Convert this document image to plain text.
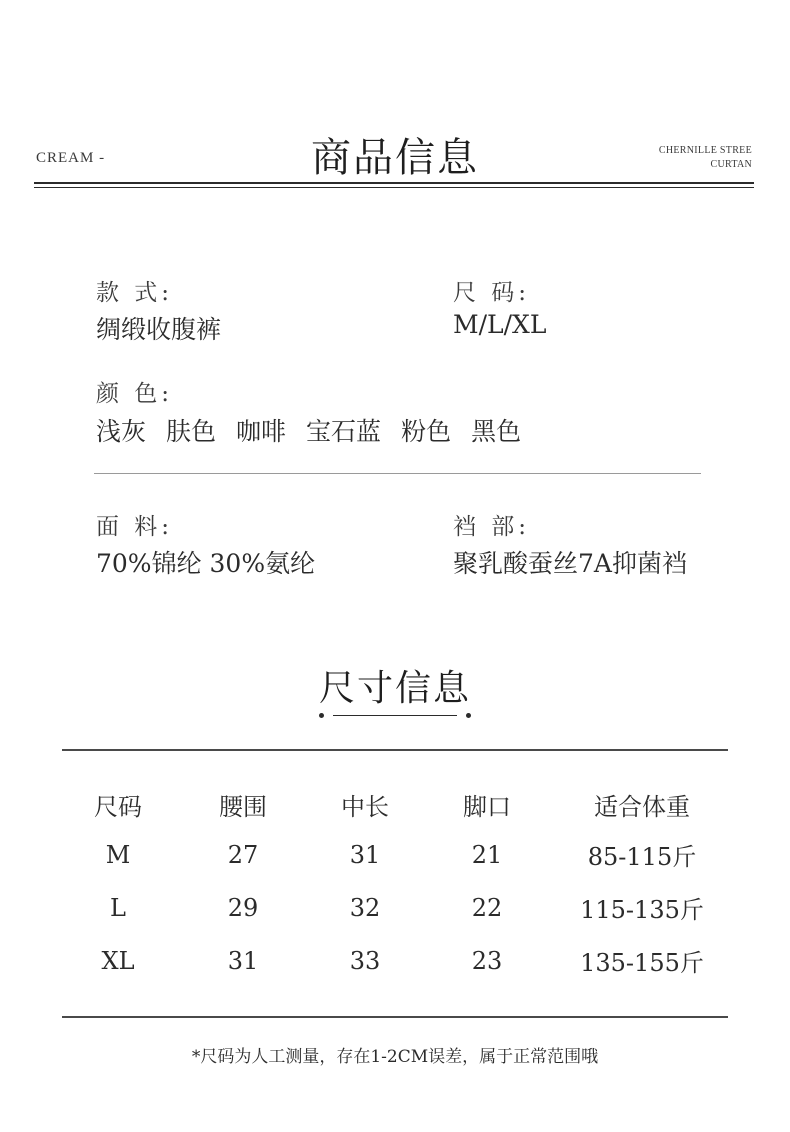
CREAM -	商品信息	CHERNILLE STREE
CURTAN
款 式:
绸缎收腹裤
尺 码:
M/L/XL
颜 色:
浅灰 肤色 咖啡 宝石蓝 粉色 黑色
面 料:
70%锦纶 30%氨纶
裆 部:
聚乳酸蚕丝7A抑菌裆
尺寸信息
尺码	腰围	中长	脚口	适合体重
M	27	31	21	85-115斤
L	29	32	22	115-135斤
XL	31	33	23	135-155斤
*尺码为人工测量，存在1-2CM误差，属于正常范围哦
